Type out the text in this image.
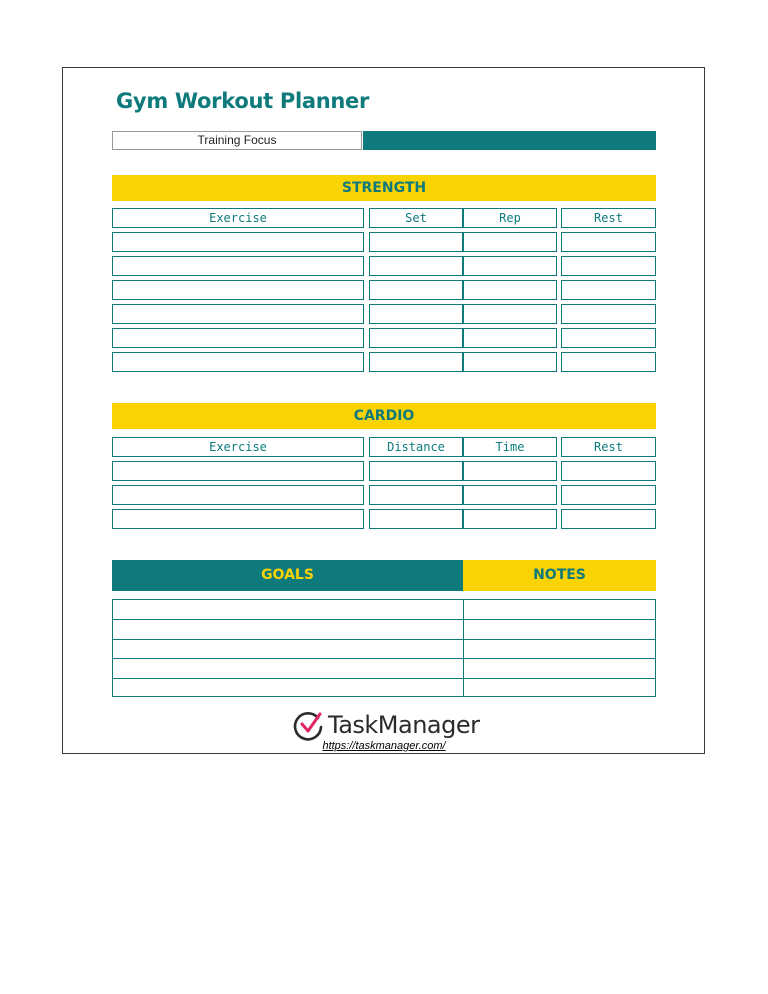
Gym Workout Planner
Training Focus
STRENGTH
Exercise	Set	Rep	Rest
CARDIO
Exercise	Distance	Time	Rest
GOALS	NOTES
TaskManager
https://taskmanager.com/
